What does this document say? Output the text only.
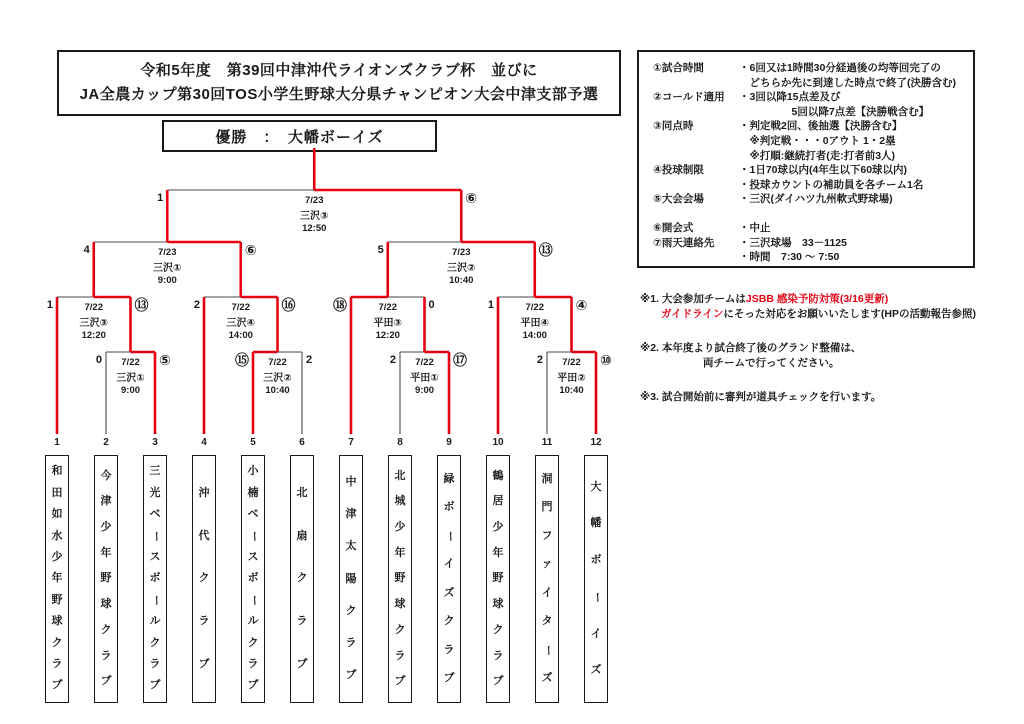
令和5年度　第39回中津沖代ライオンズクラブ杯　並びに
JA全農カップ第30回TOS小学生野球大分県チャンピオン大会中津支部予選
優勝　：　大幡ボーイズ
①試合時間	・6回又は1時間30分経過後の均等回完了の
　どちらか先に到達した時点で終了(決勝含む)
②コールド適用	・3回以降15点差及び
　　　　　5回以降7点差【決勝戦含む】
③同点時	・判定戦2回、後抽選【決勝含む】
　※判定戦・・・0アウト 1・2塁
　※打順:継続打者(走:打者前3人)
④投球制限	・1日70球以内(4年生以下60球以内)
・投球カウントの補助員を各チーム1名
⑤大会会場	・三沢(ダイハツ九州軟式野球場)
⑥開会式	・中止
⑦雨天連絡先	・三沢球場　33－1125
・時間　7:30 ～ 7:50
※1. 大会参加チームはJSBB 感染予防対策(3/16更新)
　　ガイドラインにそった対応をお願いいたします(HPの活動報告参照)
※2. 本年度より試合終了後のグランド整備は、
　　　　　　両チームで行ってください。
※3. 試合開始前に審判が道具チェックを行います。
7/22
三沢①
9:00
0	⑤	7/22
三沢②
10:40
⑮	2	7/22
平田①
9:00
2	⑰	7/22
平田②
10:40
2	⑩
7/22
三沢③
12:20
1	⑬	7/22
三沢④
14:00
2	⑯	7/22
平田③
12:20
⑱	0	7/22
平田④
14:00
1	④
7/23
三沢①
9:00
4	⑥	7/23
三沢②
10:40
5	⑬
7/23
三沢③
12:50
1	⑥
1
和
田
如
水
少
年
野
球
ク
ラ
ブ
2
今
津
少
年
野
球
ク
ラ
ブ
3
三
光
ベ
ー
ス
ボ
ー
ル
ク
ラ
ブ
4
沖
代
ク
ラ
ブ
5
小
楠
ベ
ー
ス
ボ
ー
ル
ク
ラ
ブ
6
北
扇
ク
ラ
ブ
7
中
津
太
陽
ク
ラ
ブ
8
北
城
少
年
野
球
ク
ラ
ブ
9
緑
ボ
ー
イ
ズ
ク
ラ
ブ
10
鶴
居
少
年
野
球
ク
ラ
ブ
11
洞
門
フ
ァ
イ
タ
ー
ズ
12
大
幡
ボ
ー
イ
ズ
